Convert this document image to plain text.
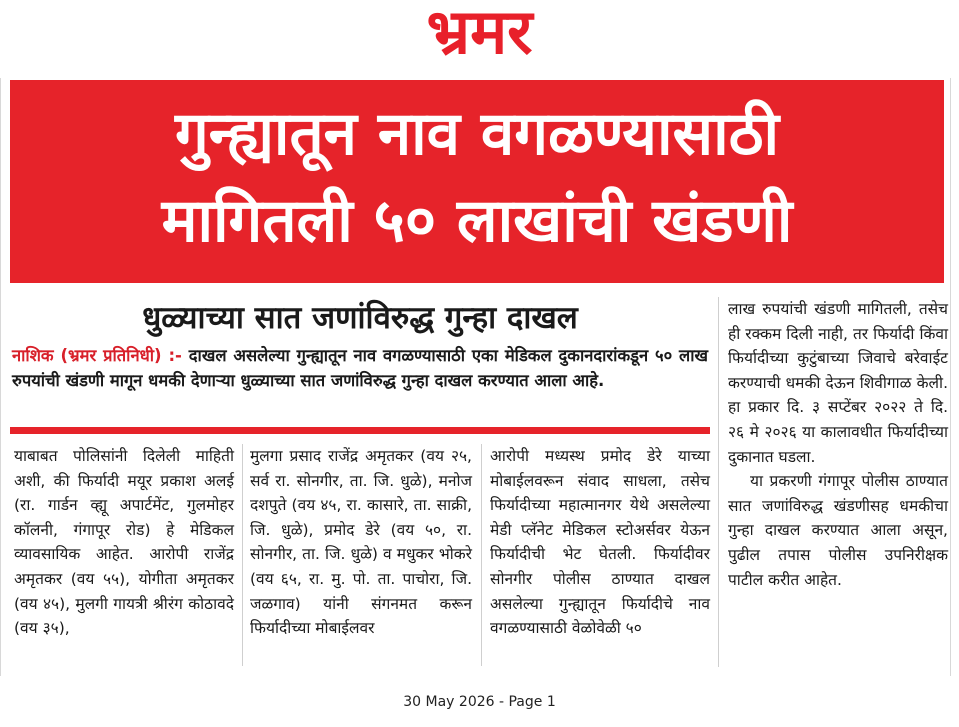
भ्रमर
गुन्ह्यातून नाव वगळण्यासाठी
मागितली ५० लाखांची खंडणी
धुळ्याच्या सात जणांविरुद्ध गुन्हा दाखल
नाशिक (भ्रमर प्रतिनिधी) :- दाखल असलेल्या गुन्ह्यातून नाव वगळण्यासाठी एका मेडिकल दुकानदारांकडून ५० लाख रुपयांची खंडणी मागून धमकी देणाऱ्या धुळ्याच्या सात जणांविरुद्ध गुन्हा दाखल करण्यात आला आहे.

याबाबत पोलिसांनी दिलेली माहिती अशी, की फिर्यादी मयूर प्रकाश अलई (रा. गार्डन व्ह्यू अपार्टमेंट, गुलमोहर कॉलनी, गंगापूर रोड) हे मेडिकल व्यावसायिक आहेत. आरोपी राजेंद्र अमृतकर (वय ५५), योगीता अमृतकर (वय ४५), मुलगी गायत्री श्रीरंग कोठावदे (वय ३५),

मुलगा प्रसाद राजेंद्र अमृतकर (वय २५, सर्व रा. सोनगीर, ता. जि. धुळे), मनोज दशपुते (वय ४५, रा. कासारे, ता. साक्री, जि. धुळे), प्रमोद डेरे (वय ५०, रा. सोनगीर, ता. जि. धुळे) व मधुकर भोकरे (वय ६५, रा. मु. पो. ता. पाचोरा, जि. जळगाव) यांनी संगनमत करून फिर्यादीच्या मोबाईलवर

आरोपी मध्यस्थ प्रमोद डेरे याच्या मोबाईलवरून संवाद साधला, तसेच फिर्यादीच्या महात्मानगर येथे असलेल्या मेडी प्लॅनेट मेडिकल स्टोअर्सवर येऊन फिर्यादीची भेट घेतली. फिर्यादीवर सोनगीर पोलीस ठाण्यात दाखल असलेल्या गुन्ह्यातून फिर्यादीचे नाव वगळण्यासाठी वेळोवेळी ५०

लाख रुपयांची खंडणी मागितली, तसेच ही रक्कम दिली नाही, तर फिर्यादी किंवा फिर्यादीच्या कुटुंबाच्या जिवाचे बरेवाईट करण्याची धमकी देऊन शिवीगाळ केली. हा प्रकार दि. ३ सप्टेंबर २०२२ ते दि. २६ मे २०२६ या कालावधीत फिर्यादीच्या दुकानात घडला.

या प्रकरणी गंगापूर पोलीस ठाण्यात सात जणांविरुद्ध खंडणीसह धमकीचा गुन्हा दाखल करण्यात आला असून, पुढील तपास पोलीस उपनिरीक्षक पाटील करीत आहेत.

30 May 2026 - Page 1
